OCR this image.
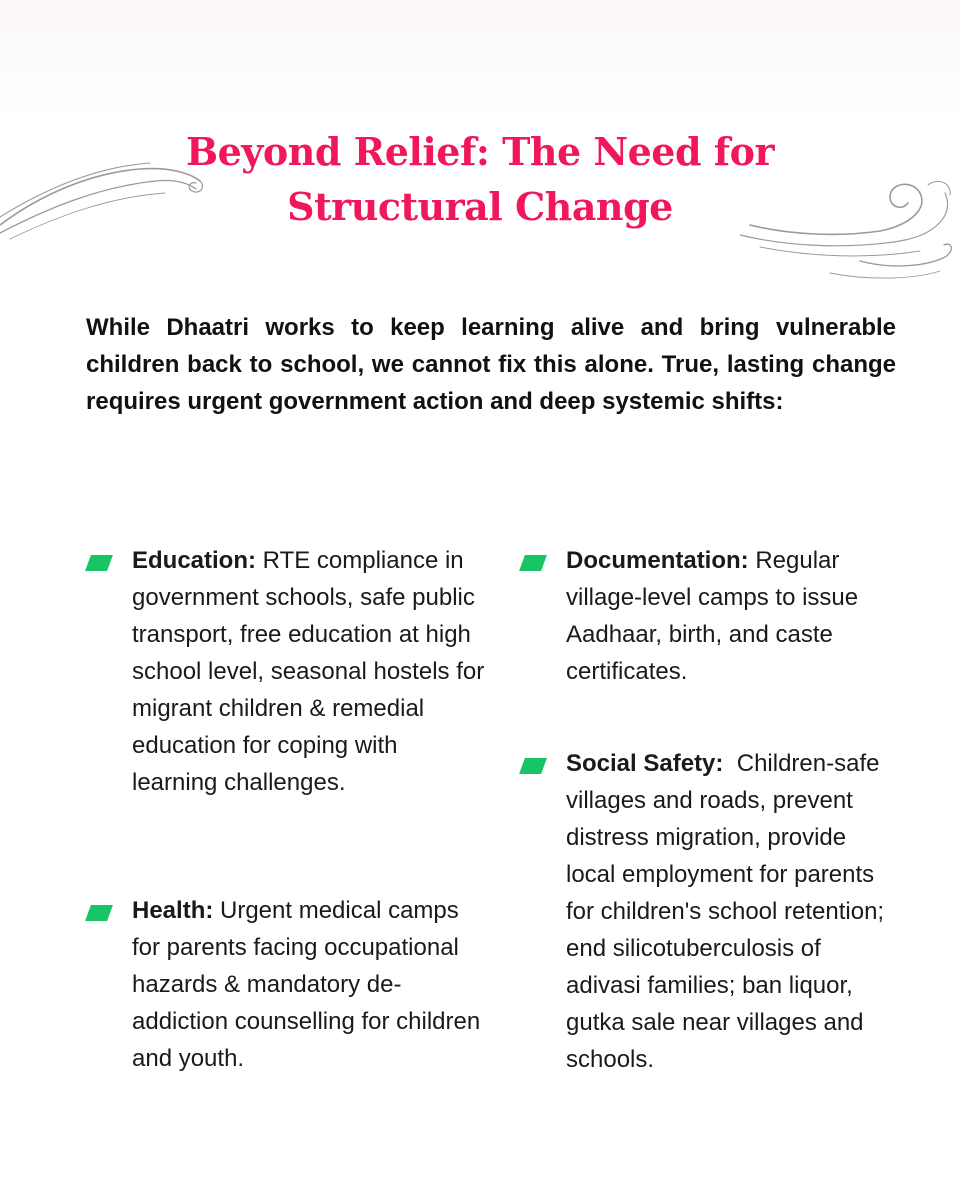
Beyond Relief: The Need for
Structural Change

While Dhaatri works to keep learning alive and bring vulnerable children back to school, we cannot fix this alone. True, lasting change requires urgent government action and deep systemic shifts:

Education: RTE compliance in government schools, safe public transport, free education at high school level, seasonal hostels for migrant children & remedial education for coping with learning challenges.
Health: Urgent medical camps for parents facing occupational hazards & mandatory de-addiction counselling for children and youth.
Documentation: Regular village-level camps to issue Aadhaar, birth, and caste certificates.
Social Safety:  Children-safe villages and roads, prevent distress migration, provide local employment for parents for children's school retention; end silicotuberculosis of adivasi families; ban liquor, gutka sale near villages and schools.
